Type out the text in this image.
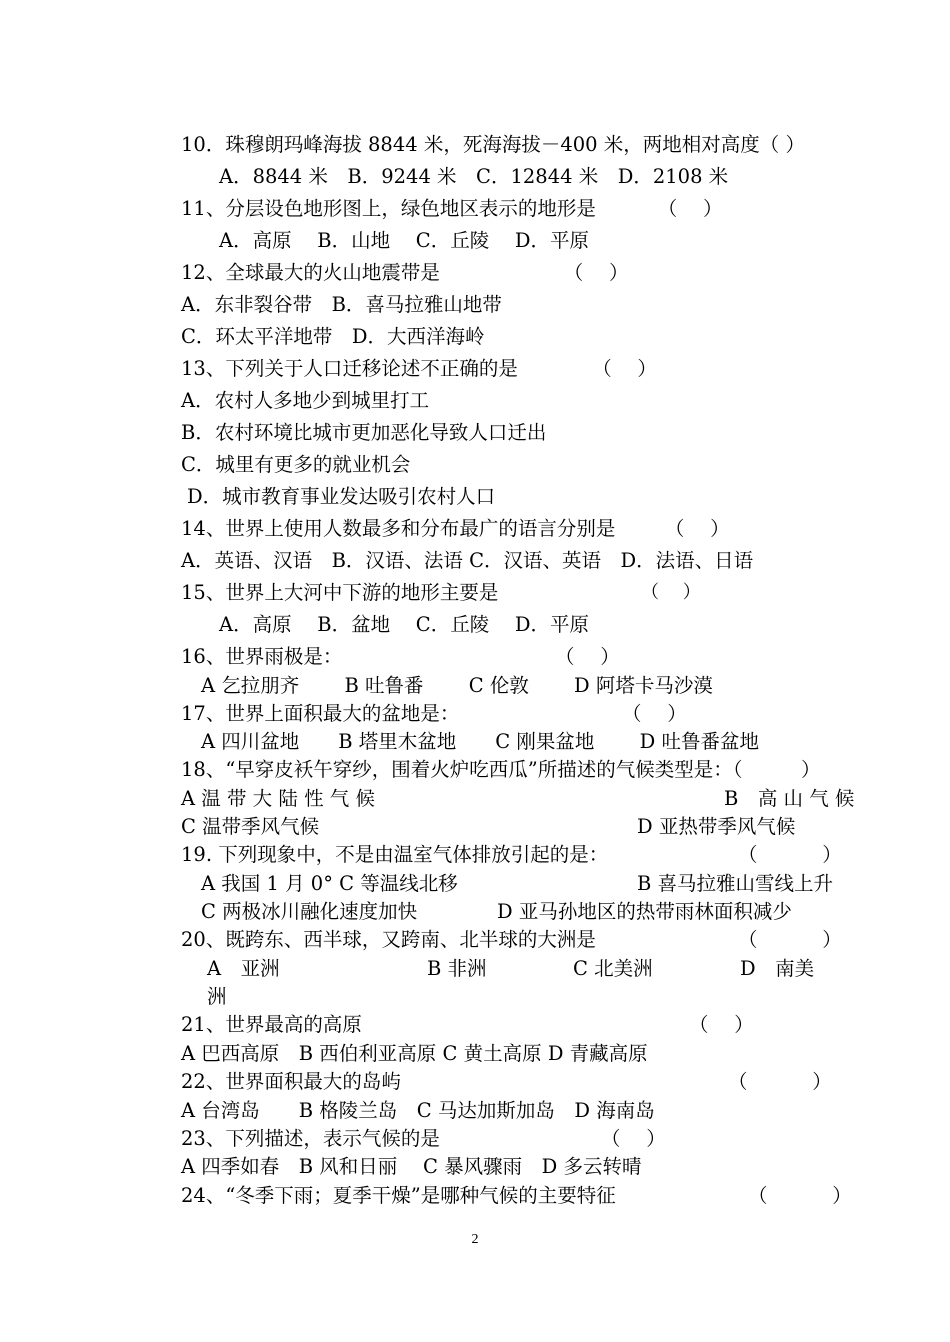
10．珠穆朗玛峰海拔 8844 米，死海海拔－400 米，两地相对高度（ ）
A．8844 米　B．9244 米　C．12844 米　D．2108 米
11、分层设色地形图上，绿色地区表示的地形是          （　 ）
A．高原　 B．山地　 C．丘陵　 D．平原
12、全球最大的火山地震带是                    （　 ）
A．东非裂谷带　B．喜马拉雅山地带
C．环太平洋地带　D．大西洋海岭
13、下列关于人口迁移论述不正确的是            （　 ）
A．农村人多地少到城里打工
B．农村环境比城市更加恶化导致人口迁出
C．城里有更多的就业机会
D．城市教育事业发达吸引农村人口
14、世界上使用人数最多和分布最广的语言分别是        （　 ）
A．英语、汉语　B．汉语、法语 C．汉语、英语　D．法语、日语
15、世界上大河中下游的地形主要是	（　 ）
A．高原　 B．盆地　 C．丘陵　 D．平原
16、世界雨极是：	（　 ）
A 乞拉朋齐　　 B 吐鲁番　　 C 伦敦　　 D 阿塔卡马沙漠
17、世界上面积最大的盆地是：	（　 ）
A 四川盆地　　B 塔里木盆地　　C 刚果盆地　　 D 吐鲁番盆地
18、“早穿皮袄午穿纱，围着火炉吃西瓜”所描述的气候类型是：（　　　）
A 温 带 大 陆 性 气 候	B　高 山 气 候
C 温带季风气候	D 亚热带季风气候
19. 下列现象中，不是由温室气体排放引起的是：	（　　　 ）
A 我国 1 月 0° C 等温线北移	B 喜马拉雅山雪线上升
C 两极冰川融化速度加快	D 亚马孙地区的热带雨林面积减少
20、既跨东、西半球，又跨南、北半球的大洲是	（　　　 ）
A　亚洲	B 非洲	C 北美洲	D　南美
洲
21、世界最高的高原	（　 ）
A 巴西高原　B 西伯利亚高原 C 黄土高原 D 青藏高原
22、世界面积最大的岛屿	（　　　 ）
A 台湾岛　　B 格陵兰岛　C 马达加斯加岛　D 海南岛
23、下列描述，表示气候的是	（　 ）
A 四季如春　B 风和日丽　 C 暴风骤雨　D 多云转晴
24、“冬季下雨；夏季干燥”是哪种气候的主要特征	（　　　 ）
2
